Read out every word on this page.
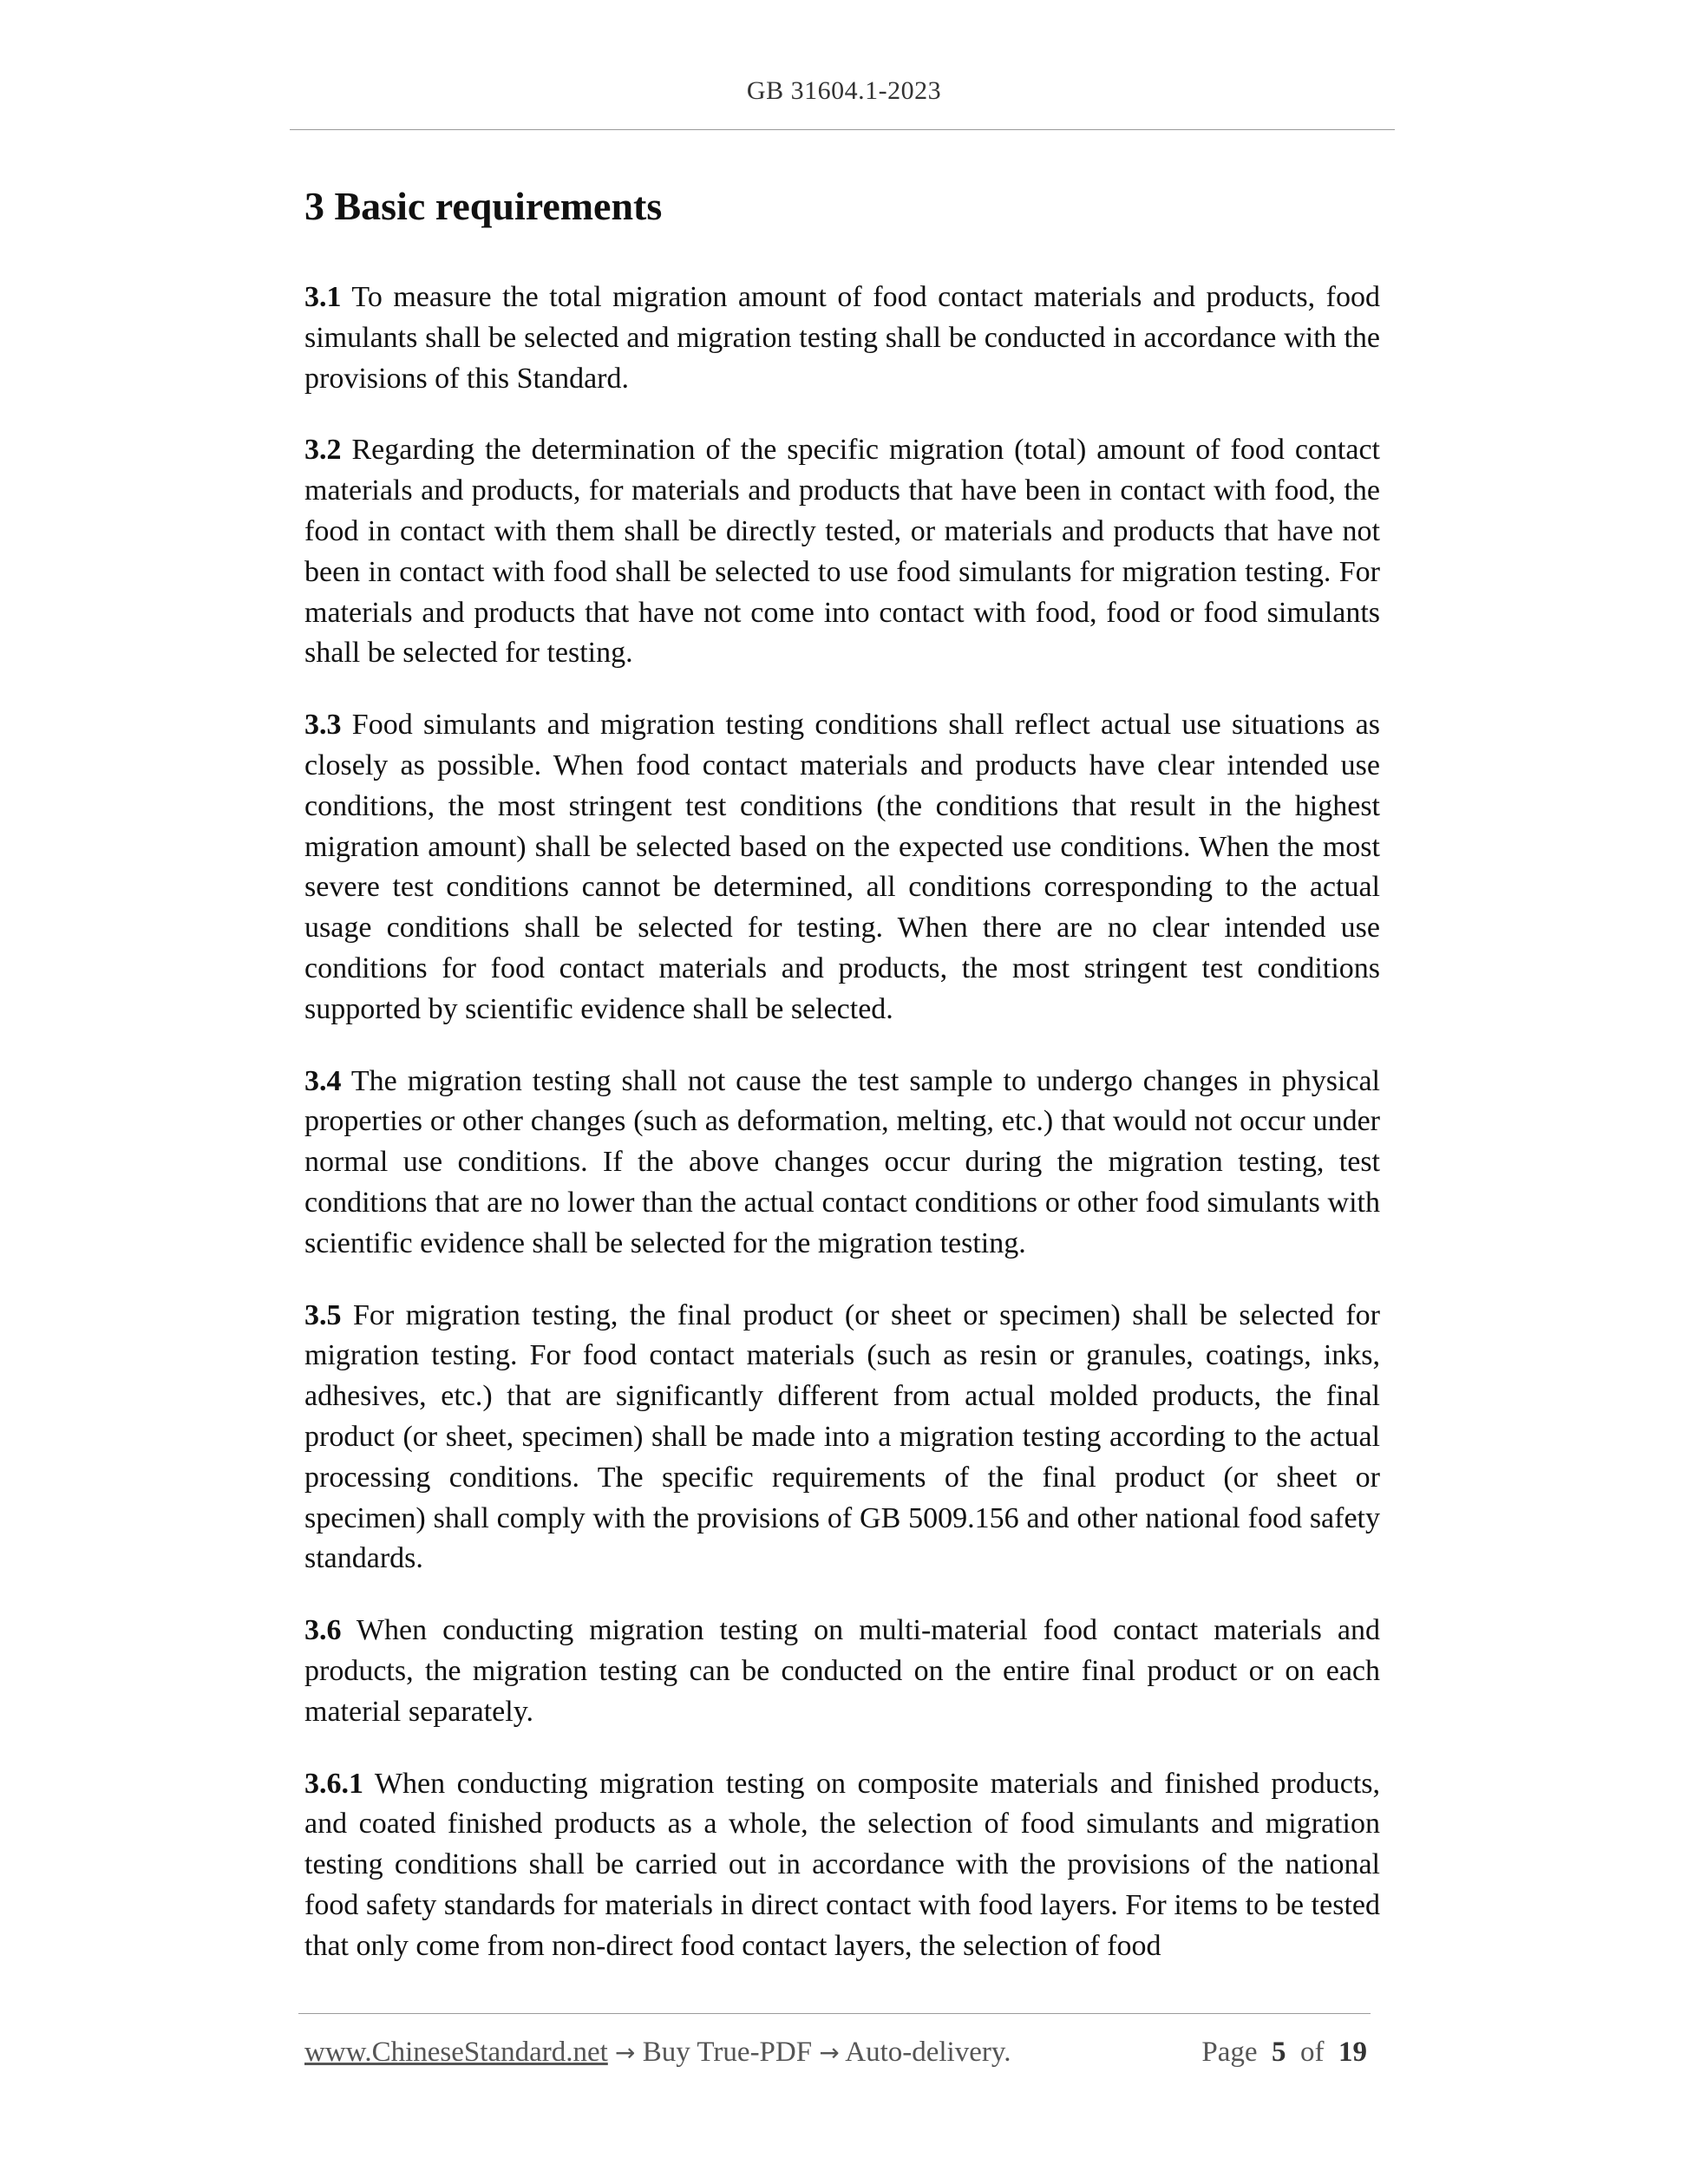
GB 31604.1-2023
3 Basic requirements

3.1 To measure the total migration amount of food contact materials and products, food simulants shall be selected and migration testing shall be conducted in accordance with the provisions of this Standard.

3.2 Regarding the determination of the specific migration (total) amount of food contact materials and products, for materials and products that have been in contact with food, the food in contact with them shall be directly tested, or materials and products that have not been in contact with food shall be selected to use food simulants for migration testing. For materials and products that have not come into contact with food, food or food simulants shall be selected for testing.

3.3 Food simulants and migration testing conditions shall reflect actual use situations as closely as possible. When food contact materials and products have clear intended use conditions, the most stringent test conditions (the conditions that result in the highest migration amount) shall be selected based on the expected use conditions. When the most severe test conditions cannot be determined, all conditions corresponding to the actual usage conditions shall be selected for testing. When there are no clear intended use conditions for food contact materials and products, the most stringent test conditions supported by scientific evidence shall be selected.

3.4 The migration testing shall not cause the test sample to undergo changes in physical properties or other changes (such as deformation, melting, etc.) that would not occur under normal use conditions. If the above changes occur during the migration testing, test conditions that are no lower than the actual contact conditions or other food simulants with scientific evidence shall be selected for the migration testing.

3.5 For migration testing, the final product (or sheet or specimen) shall be selected for migration testing. For food contact materials (such as resin or granules, coatings, inks, adhesives, etc.) that are significantly different from actual molded products, the final product (or sheet, specimen) shall be made into a migration testing according to the actual processing conditions. The specific requirements of the final product (or sheet or specimen) shall comply with the provisions of GB 5009.156 and other national food safety standards.

3.6 When conducting migration testing on multi-material food contact materials and products, the migration testing can be conducted on the entire final product or on each material separately.

3.6.1 When conducting migration testing on composite materials and finished products, and coated finished products as a whole, the selection of food simulants and migration testing conditions shall be carried out in accordance with the provisions of the national food safety standards for materials in direct contact with food layers. For items to be tested that only come from non-direct food contact layers, the selection of food

www.ChineseStandard.net → Buy True-PDF → Auto-delivery.	Page 5 of 19
